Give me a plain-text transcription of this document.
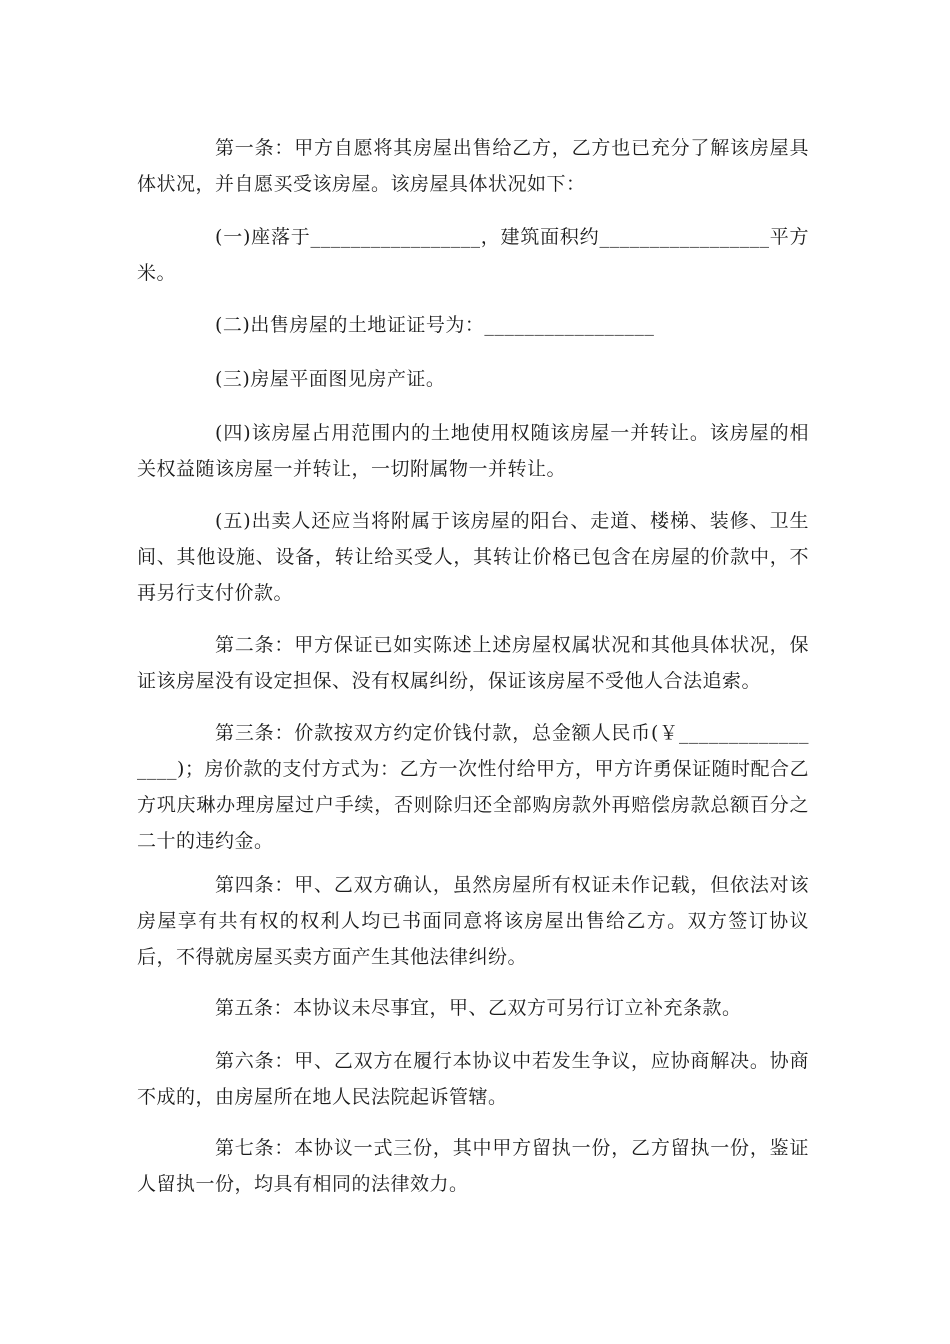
第一条：甲方自愿将其房屋出售给乙方，乙方也已充分了解该房屋具体状况，并自愿买受该房屋。该房屋具体状况如下：

(一)座落于_________________，建筑面积约_________________平方米。

(二)出售房屋的土地证证号为：_________________

(三)房屋平面图见房产证。

(四)该房屋占用范围内的土地使用权随该房屋一并转让。该房屋的相关权益随该房屋一并转让，一切附属物一并转让。

(五)出卖人还应当将附属于该房屋的阳台、走道、楼梯、装修、卫生间、其他设施、设备，转让给买受人，其转让价格已包含在房屋的价款中，不再另行支付价款。

第二条：甲方保证已如实陈述上述房屋权属状况和其他具体状况，保证该房屋没有设定担保、没有权属纠纷，保证该房屋不受他人合法追索。

第三条：价款按双方约定价钱付款，总金额人民币(￥_________________)；房价款的支付方式为：乙方一次性付给甲方，甲方许勇保证随时配合乙方巩庆琳办理房屋过户手续，否则除归还全部购房款外再赔偿房款总额百分之二十的违约金。

第四条：甲、乙双方确认，虽然房屋所有权证未作记载，但依法对该房屋享有共有权的权利人均已书面同意将该房屋出售给乙方。双方签订协议后，不得就房屋买卖方面产生其他法律纠纷。

第五条：本协议未尽事宜，甲、乙双方可另行订立补充条款。

第六条：甲、乙双方在履行本协议中若发生争议，应协商解决。协商不成的，由房屋所在地人民法院起诉管辖。

第七条：本协议一式三份，其中甲方留执一份，乙方留执一份，鉴证人留执一份，均具有相同的法律效力。
